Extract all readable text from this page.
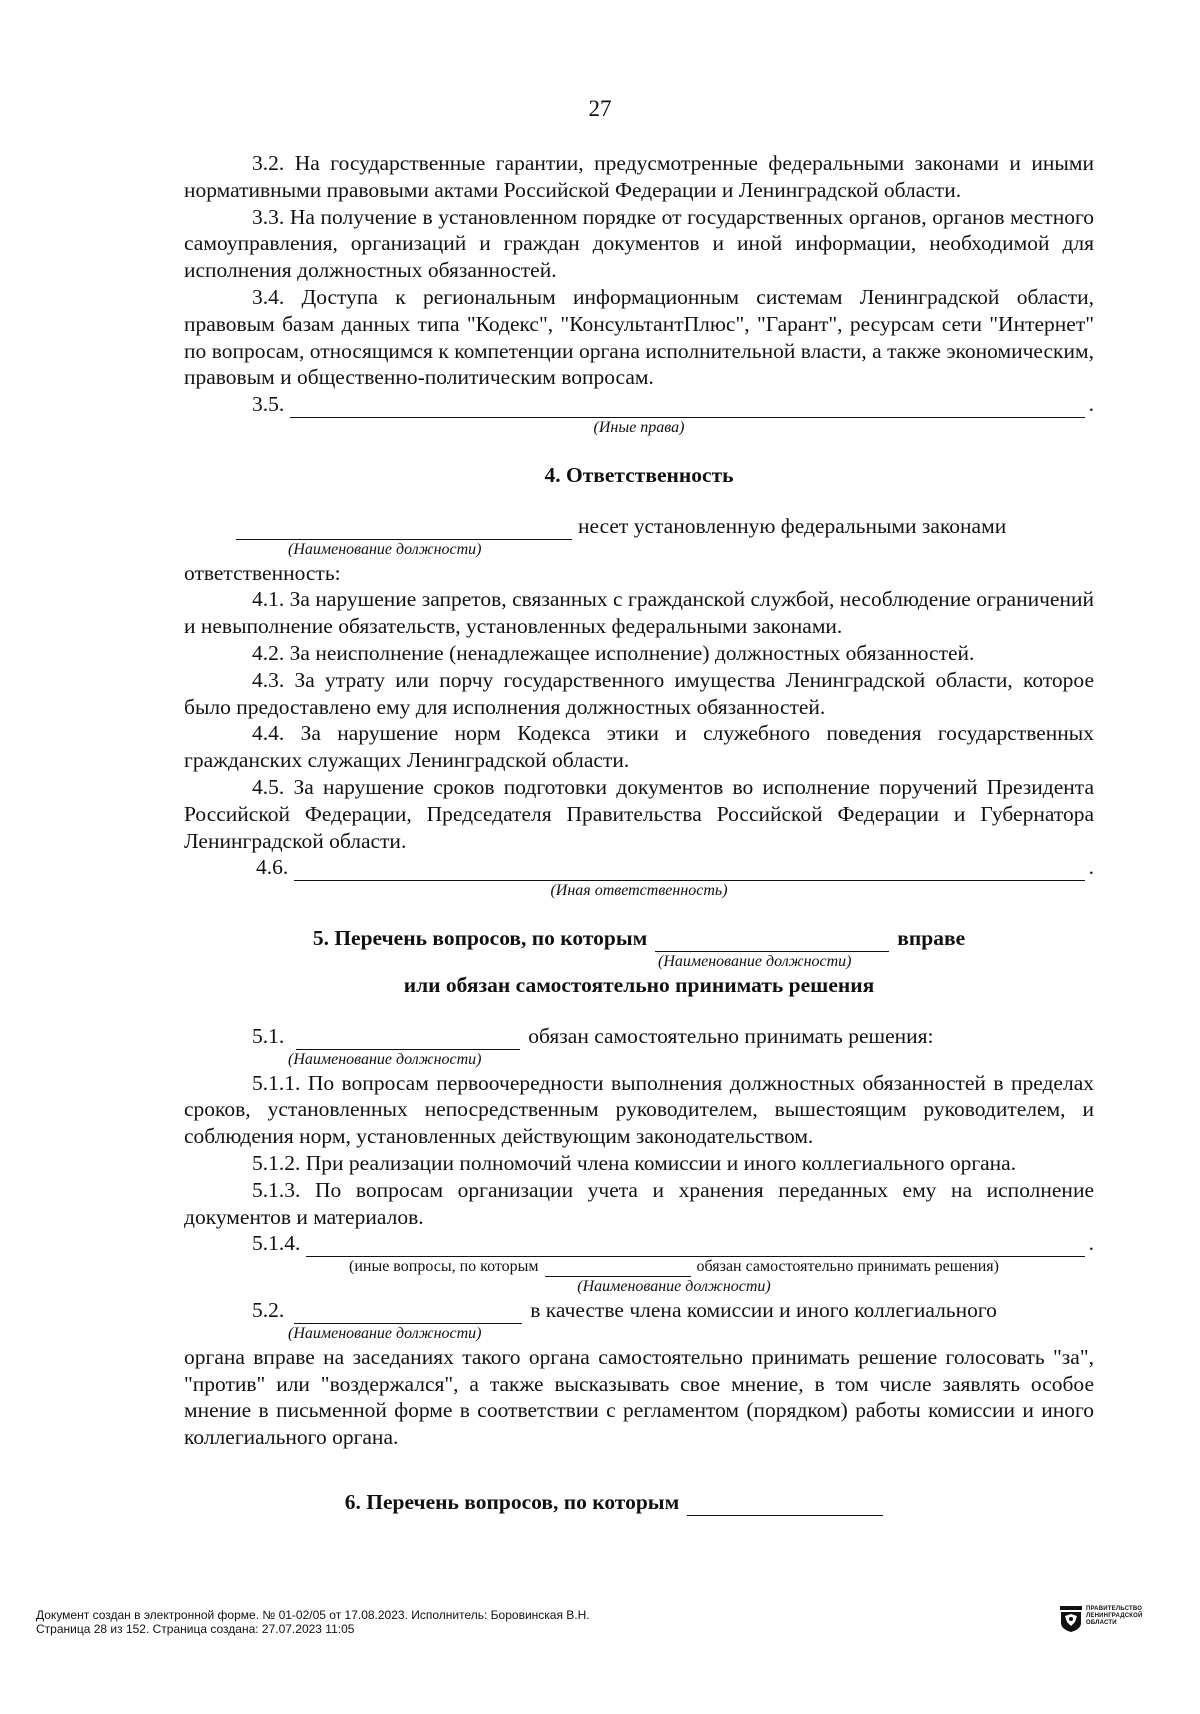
27

3.2. На государственные гарантии, предусмотренные федеральными законами и иными нормативными правовыми актами Российской Федерации и Ленинградской области.

3.3. На получение в установленном порядке от государственных органов, органов местного самоуправления, организаций и граждан документов и иной информации, необходимой для исполнения должностных обязанностей.

3.4. Доступа к региональным информационным системам Ленинградской области, правовым базам данных типа "Кодекс", "КонсультантПлюс", "Гарант", ресурсам сети "Интернет" по вопросам, относящимся к компетенции органа исполнительной власти, а также экономическим, правовым и общественно-политическим вопросам.

3.5.	.
(Иные права)
4. Ответственность
несет установленную федеральными законами
(Наименование должности)

ответственность:

4.1. За нарушение запретов, связанных с гражданской службой, несоблюдение ограничений и невыполнение обязательств, установленных федеральными законами.

4.2. За неисполнение (ненадлежащее исполнение) должностных обязанностей.

4.3. За утрату или порчу государственного имущества Ленинградской области, которое было предоставлено ему для исполнения должностных обязанностей.

4.4. За нарушение норм Кодекса этики и служебного поведения государственных гражданских служащих Ленинградской области.

4.5. За нарушение сроков подготовки документов во исполнение поручений Президента Российской Федерации, Председателя Правительства Российской Федерации и Губернатора Ленинградской области.

4.6.	.
(Иная ответственность)
5. Перечень вопросов, по которым	вправе
(Наименование должности)
или обязан самостоятельно принимать решения
5.1.	обязан самостоятельно принимать решения:
(Наименование должности)

5.1.1. По вопросам первоочередности выполнения должностных обязанностей в пределах сроков, установленных непосредственным руководителем, вышестоящим руководителем, и соблюдения норм, установленных действующим законодательством.

5.1.2. При реализации полномочий члена комиссии и иного коллегиального органа.

5.1.3. По вопросам организации учета и хранения переданных ему на исполнение документов и материалов.

5.1.4.	.
(иные вопросы, по которым	обязан самостоятельно принимать решения)
(Наименование должности)
5.2.	в качестве члена комиссии и иного коллегиального
(Наименование должности)

органа вправе на заседаниях такого органа самостоятельно принимать решение голосовать "за", "против" или "воздержался", а также высказывать свое мнение, в том числе заявлять особое мнение в письменной форме в соответствии с регламентом (порядком) работы комиссии и иного коллегиального органа.

6. Перечень вопросов, по которым
Документ создан в электронной форме. № 01-02/05 от 17.08.2023. Исполнитель: Боровинская В.Н.
Страница 28 из 152. Страница создана: 27.07.2023 11:05
ПРАВИТЕЛЬСТВО
ЛЕНИНГРАДСКОЙ
ОБЛАСТИ
